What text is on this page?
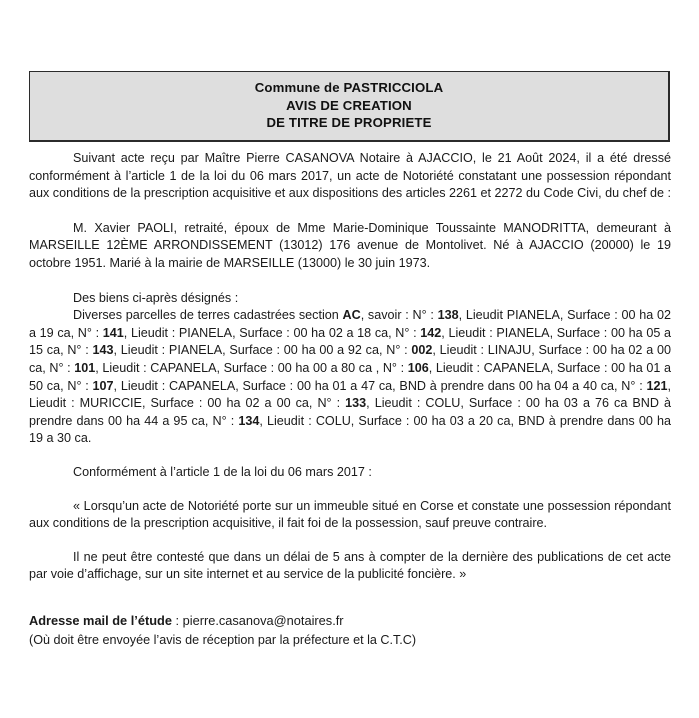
Commune de PASTRICCIOLA
AVIS DE CREATION
DE TITRE DE PROPRIETE

Suivant acte reçu par Maître Pierre CASANOVA Notaire à AJACCIO, le 21 Août 2024, il a été dressé conformément à l’article 1 de la loi du 06 mars 2017, un acte de Notoriété constatant une possession répondant aux conditions de la prescription acquisitive et aux dispositions des articles 2261 et 2272 du Code Civi, du chef de :

M. Xavier PAOLI, retraité, époux de Mme Marie-Dominique Toussainte MANODRITTA, demeurant à MARSEILLE 12ÈME ARRONDISSEMENT (13012) 176 avenue de Montolivet. Né à AJACCIO (20000) le 19 octobre 1951. Marié à la mairie de MARSEILLE (13000) le 30 juin 1973.

Des biens ci-après désignés :

Diverses parcelles de terres cadastrées section AC, savoir : N° : 138, Lieudit PIANELA, Surface : 00 ha 02 a 19 ca, N° : 141, Lieudit : PIANELA, Surface : 00 ha 02 a 18 ca, N° : 142, Lieudit : PIANELA, Surface : 00 ha 05 a 15 ca, N° : 143, Lieudit : PIANELA, Surface : 00 ha 00 a 92 ca, N° : 002, Lieudit : LINAJU, Surface : 00 ha 02 a 00 ca, N° : 101, Lieudit : CAPANELA, Surface : 00 ha 00 a 80 ca , N° : 106, Lieudit : CAPANELA, Surface : 00 ha 01 a 50 ca, N° : 107, Lieudit : CAPANELA, Surface : 00 ha 01 a 47 ca, BND à prendre dans 00 ha 04 a 40 ca, N° : 121, Lieudit : MURICCIE, Surface : 00 ha 02 a 00 ca, N° : 133, Lieudit : COLU, Surface : 00 ha 03 a 76 ca BND à prendre dans 00 ha 44 a 95 ca, N° : 134, Lieudit : COLU, Surface : 00 ha 03 a 20 ca, BND à prendre dans 00 ha 19 a 30 ca.

Conformément à l’article 1 de la loi du 06 mars 2017 :

« Lorsqu’un acte de Notoriété porte sur un immeuble situé en Corse et constate une possession répondant aux conditions de la prescription acquisitive, il fait foi de la possession, sauf preuve contraire.

Il ne peut être contesté que dans un délai de 5 ans à compter de la dernière des publications de cet acte par voie d’affichage, sur un site internet et au service de la publicité foncière. »

Adresse mail de l’étude : pierre.casanova@notaires.fr

(Où doit être envoyée l’avis de réception par la préfecture et la C.T.C)
